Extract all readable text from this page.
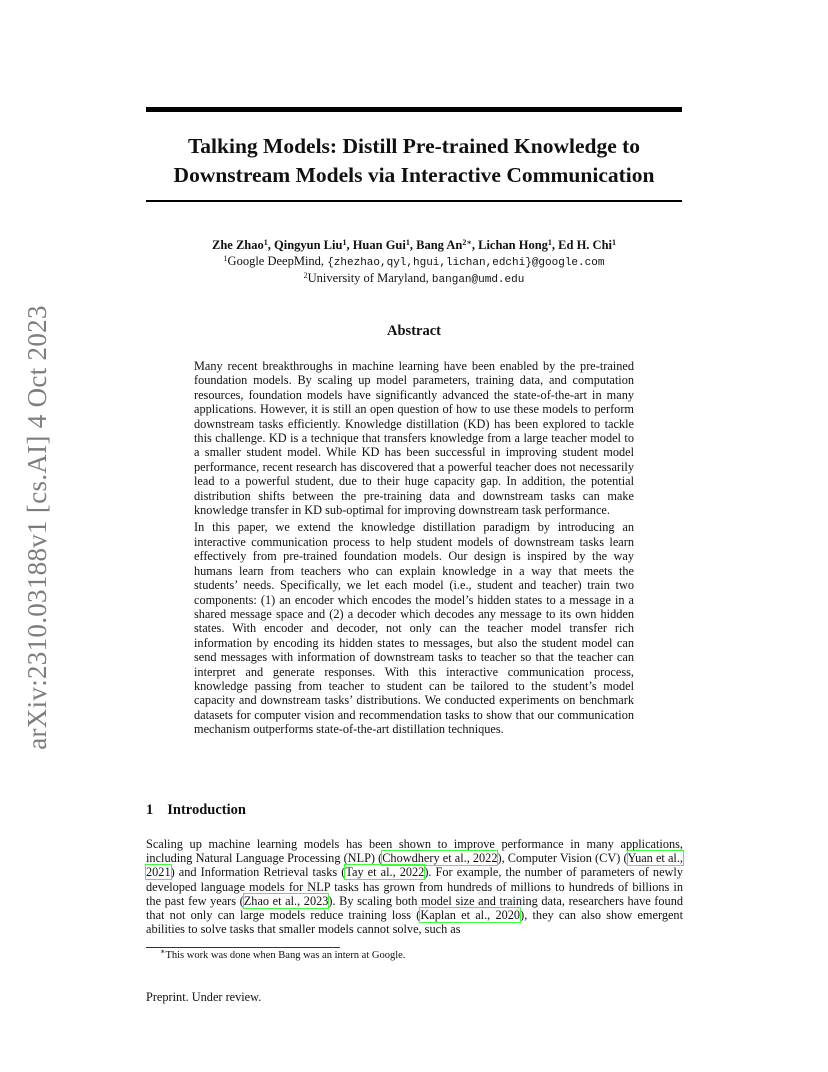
arXiv:2310.03188v1 [cs.AI] 4 Oct 2023
Talking Models: Distill Pre-trained Knowledge to
Downstream Models via Interactive Communication
Zhe Zhao$^1$, Qingyun Liu$^1$, Huan Gui$^1$, Bang $An^{2∗}$, Lichan Hong$^1$, Ed H. Chi$^1$
$^1$Google DeepMind, {zhezhao,qyl,hgui,lichan,edchi}@google.com
$^2$University of Maryland, bangan@umd.edu
Abstract

Many recent breakthroughs in machine learning have been enabled by the pre-trained foundation models. By scaling up model parameters, training data, and computation resources, foundation models have significantly advanced the state-of-the-art in many applications. However, it is still an open question of how to use these models to perform downstream tasks efficiently. Knowledge distillation (KD) has been explored to tackle this challenge. KD is a technique that transfers knowledge from a large teacher model to a smaller student model. While KD has been successful in improving student model performance, recent research has discovered that a powerful teacher does not necessarily lead to a powerful student, due to their huge capacity gap. In addition, the potential distribution shifts between the pre-training data and downstream tasks can make knowledge transfer in KD sub-optimal for improving downstream task performance.

In this paper, we extend the knowledge distillation paradigm by introducing an interactive communication process to help student models of downstream tasks learn effectively from pre-trained foundation models. Our design is inspired by the way humans learn from teachers who can explain knowledge in a way that meets the students’ needs. Specifically, we let each model (i.e., student and teacher) train two components: (1) an encoder which encodes the model’s hidden states to a message in a shared message space and (2) a decoder which decodes any message to its own hidden states. With encoder and decoder, not only can the teacher model transfer rich information by encoding its hidden states to messages, but also the student model can send messages with information of downstream tasks to teacher so that the teacher can interpret and generate responses. With this interactive communication process, knowledge passing from teacher to student can be tailored to the student’s model capacity and downstream tasks’ distributions. We conducted experiments on benchmark datasets for computer vision and recommendation tasks to show that our communication mechanism outperforms state-of-the-art distillation techniques.

1 Introduction

Scaling up machine learning models has been shown to improve performance in many applications, including Natural Language Processing (NLP) (Chowdhery et al., 2022), Computer Vision (CV) (Yuan et al., 2021) and Information Retrieval tasks (Tay et al., 2022). For example, the number of parameters of newly developed language models for NLP tasks has grown from hundreds of millions to hundreds of billions in the past few years (Zhao et al., 2023). By scaling both model size and training data, researchers have found that not only can large models reduce training loss (Kaplan et al., 2020), they can also show emergent abilities to solve tasks that smaller models cannot solve, such as

∗This work was done when Bang was an intern at Google.
Preprint. Under review.
